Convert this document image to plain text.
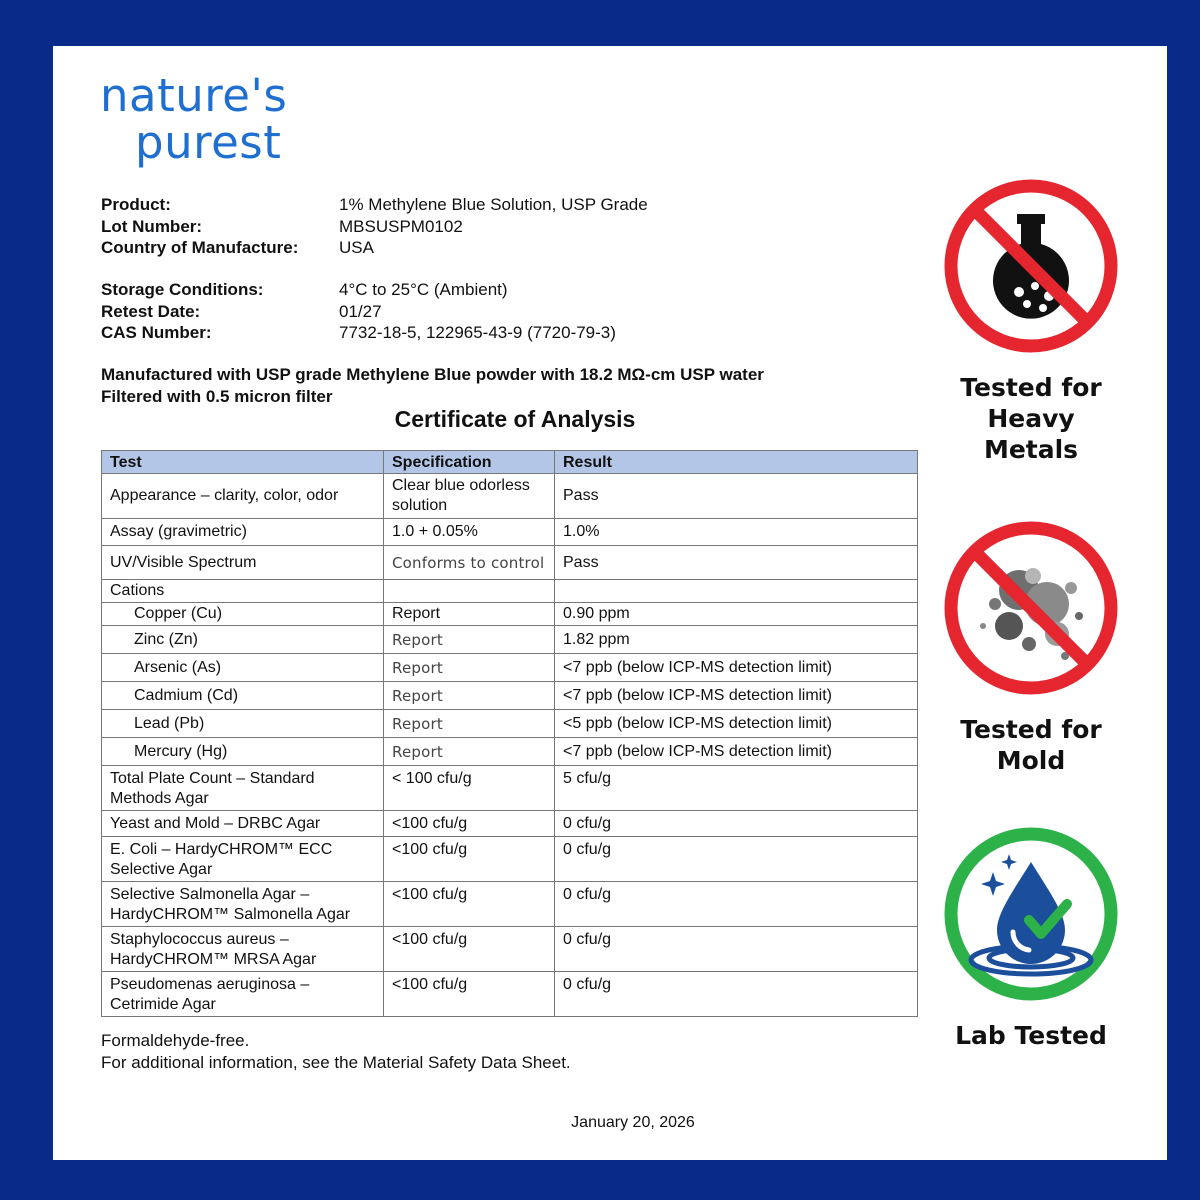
nature's
purest
Product:	1% Methylene Blue Solution, USP Grade
Lot Number:	MBSUSPM0102
Country of Manufacture: USA
Storage Conditions:	4°C to 25°C (Ambient)
Retest Date:	01/27
CAS Number:	7732-18-5, 122965-43-9 (7720-79-3)
Manufactured with USP grade Methylene Blue powder with 18.2 MΩ-cm USP water
Filtered with 0.5 micron filter
Certificate of Analysis
Test	Specification	Result
Appearance – clarity, color, odor	Clear blue odorless solution	Pass
Assay (gravimetric)	1.0 + 0.05%	1.0%
UV/Visible Spectrum	Conforms to control	Pass
Cations		
Copper (Cu)	Report	0.90 ppm
Zinc (Zn)	Report	1.82 ppm
Arsenic (As)	Report	<7 ppb (below ICP-MS detection limit)
Cadmium (Cd)	Report	<7 ppb (below ICP-MS detection limit)
Lead (Pb)	Report	<5 ppb (below ICP-MS detection limit)
Mercury (Hg)	Report	<7 ppb (below ICP-MS detection limit)
Total Plate Count – Standard Methods Agar	< 100 cfu/g	5 cfu/g
Yeast and Mold – DRBC Agar	<100 cfu/g	0 cfu/g
E. Coli – HardyCHROM™ ECC Selective Agar	<100 cfu/g	0 cfu/g
Selective Salmonella Agar – HardyCHROM™ Salmonella Agar	<100 cfu/g	0 cfu/g
Staphylococcus aureus – HardyCHROM™ MRSA Agar	<100 cfu/g	0 cfu/g
Pseudomenas aeruginosa – Cetrimide Agar	<100 cfu/g	0 cfu/g
Formaldehyde-free.
For additional information, see the Material Safety Data Sheet.
January 20, 2026
Tested for
Heavy Metals
Tested for
Mold
Lab Tested
